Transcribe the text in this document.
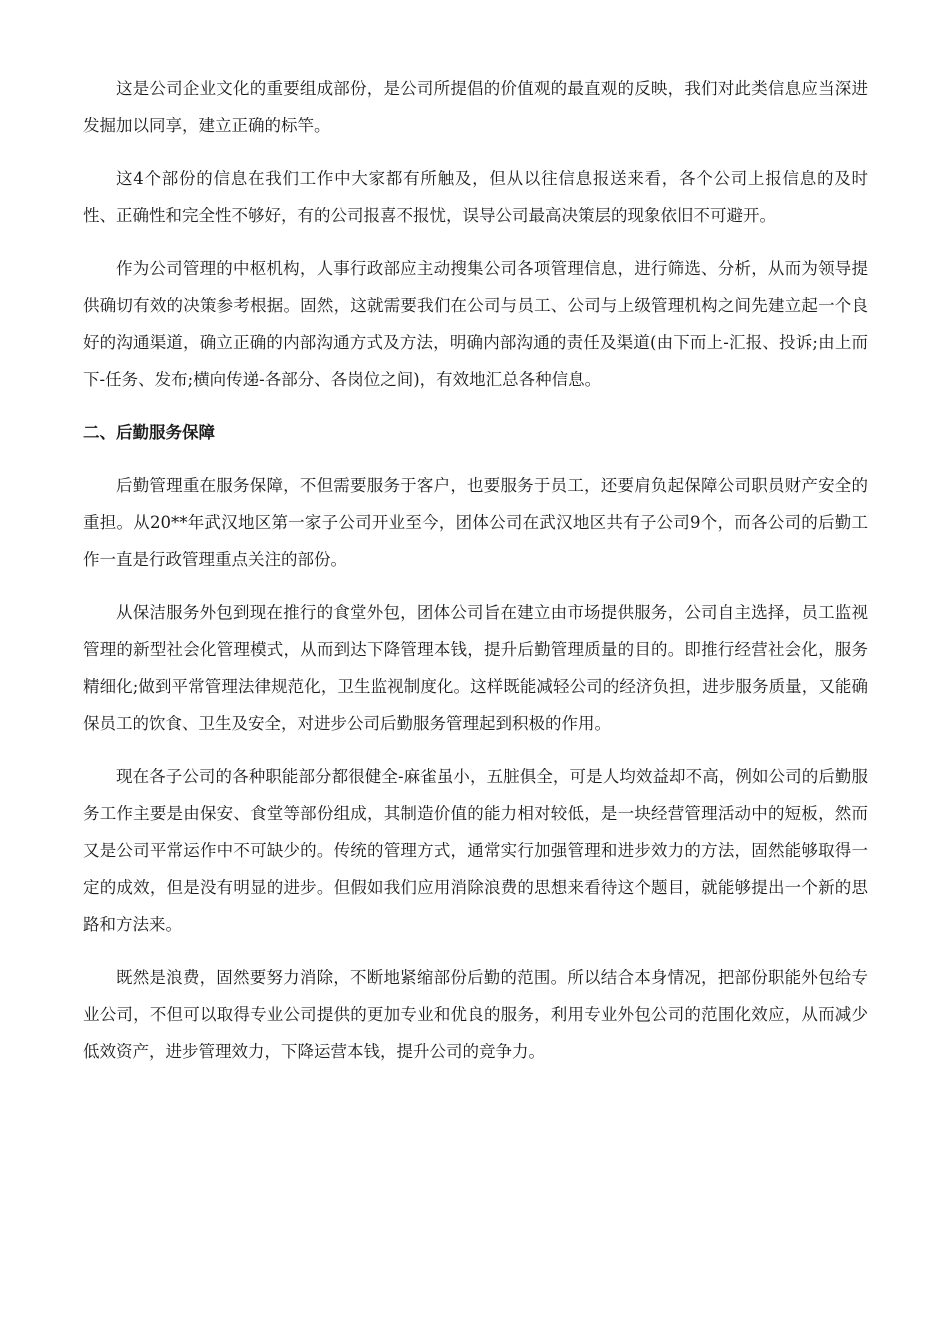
这是公司企业文化的重要组成部份，是公司所提倡的价值观的最直观的反映，我们对此类信息应当深进发掘加以同享，建立正确的标竿。

这4个部份的信息在我们工作中大家都有所触及，但从以往信息报送来看，各个公司上报信息的及时性、正确性和完全性不够好，有的公司报喜不报忧，误导公司最高决策层的现象依旧不可避开。

作为公司管理的中枢机构，人事行政部应主动搜集公司各项管理信息，进行筛选、分析，从而为领导提供确切有效的决策参考根据。固然，这就需要我们在公司与员工、公司与上级管理机构之间先建立起一个良好的沟通渠道，确立正确的内部沟通方式及方法，明确内部沟通的责任及渠道(由下而上-汇报、投诉;由上而下-任务、发布;横向传递-各部分、各岗位之间)，有效地汇总各种信息。

二、后勤服务保障

后勤管理重在服务保障，不但需要服务于客户，也要服务于员工，还要肩负起保障公司职员财产安全的重担。从20**年武汉地区第一家子公司开业至今，团体公司在武汉地区共有子公司9个，而各公司的后勤工作一直是行政管理重点关注的部份。

从保洁服务外包到现在推行的食堂外包，团体公司旨在建立由市场提供服务，公司自主选择，员工监视管理的新型社会化管理模式，从而到达下降管理本钱，提升后勤管理质量的目的。即推行经营社会化，服务精细化;做到平常管理法律规范化，卫生监视制度化。这样既能减轻公司的经济负担，进步服务质量，又能确保员工的饮食、卫生及安全，对进步公司后勤服务管理起到积极的作用。

现在各子公司的各种职能部分都很健全-麻雀虽小，五脏俱全，可是人均效益却不高，例如公司的后勤服务工作主要是由保安、食堂等部份组成，其制造价值的能力相对较低，是一块经营管理活动中的短板，然而又是公司平常运作中不可缺少的。传统的管理方式，通常实行加强管理和进步效力的方法，固然能够取得一定的成效，但是没有明显的进步。但假如我们应用消除浪费的思想来看待这个题目，就能够提出一个新的思路和方法来。

既然是浪费，固然要努力消除，不断地紧缩部份后勤的范围。所以结合本身情况，把部份职能外包给专业公司，不但可以取得专业公司提供的更加专业和优良的服务，利用专业外包公司的范围化效应，从而减少低效资产，进步管理效力，下降运营本钱，提升公司的竞争力。
